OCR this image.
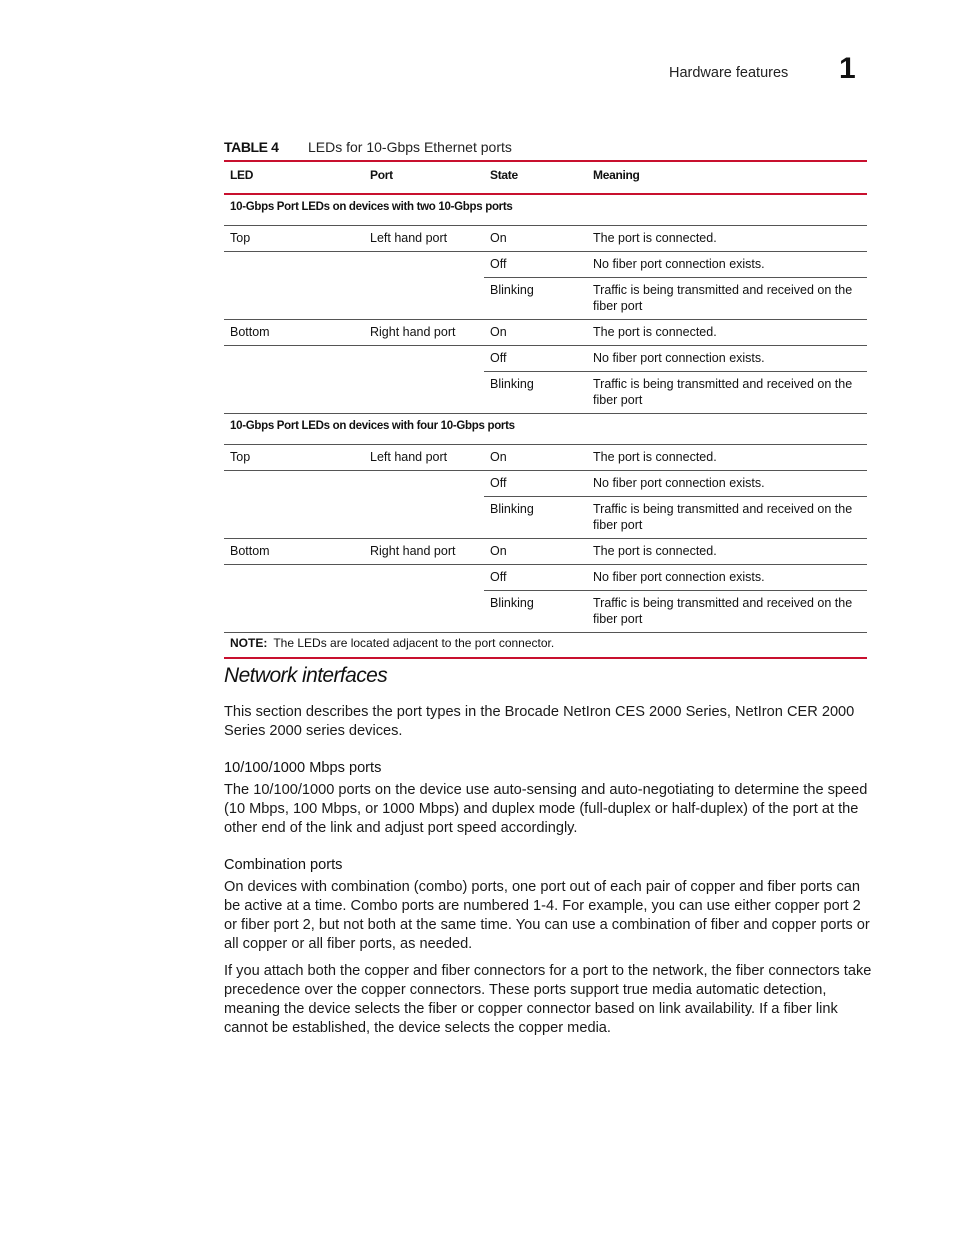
Hardware features 1
TABLE 4	LEDs for 10-Gbps Ethernet ports
LED	Port	State	Meaning
10-Gbps Port LEDs on devices with two 10-Gbps ports			
Top	Left hand port	On	The port is connected.
		Off	No fiber port connection exists.
		Blinking	Traffic is being transmitted and received on the fiber port
Bottom	Right hand port	On	The port is connected.
		Off	No fiber port connection exists.
		Blinking	Traffic is being transmitted and received on the fiber port
10-Gbps Port LEDs on devices with four 10-Gbps ports			
Top	Left hand port	On	The port is connected.
		Off	No fiber port connection exists.
		Blinking	Traffic is being transmitted and received on the fiber port
Bottom	Right hand port	On	The port is connected.
		Off	No fiber port connection exists.
		Blinking	Traffic is being transmitted and received on the fiber port
NOTE: The LEDs are located adjacent to the port connector.			
Network interfaces
This section describes the port types in the Brocade NetIron CES 2000 Series, NetIron CER 2000 Series 2000 series devices.
10/100/1000 Mbps ports
The 10/100/1000 ports on the device use auto-sensing and auto-negotiating to determine the speed (10 Mbps, 100 Mbps, or 1000 Mbps) and duplex mode (full-duplex or half-duplex) of the port at the other end of the link and adjust port speed accordingly.
Combination ports
On devices with combination (combo) ports, one port out of each pair of copper and fiber ports can be active at a time. Combo ports are numbered 1-4. For example, you can use either copper port 2 or fiber port 2, but not both at the same time. You can use a combination of fiber and copper ports or all copper or all fiber ports, as needed.
If you attach both the copper and fiber connectors for a port to the network, the fiber connectors take precedence over the copper connectors. These ports support true media automatic detection, meaning the device selects the fiber or copper connector based on link availability. If a fiber link cannot be established, the device selects the copper media.
